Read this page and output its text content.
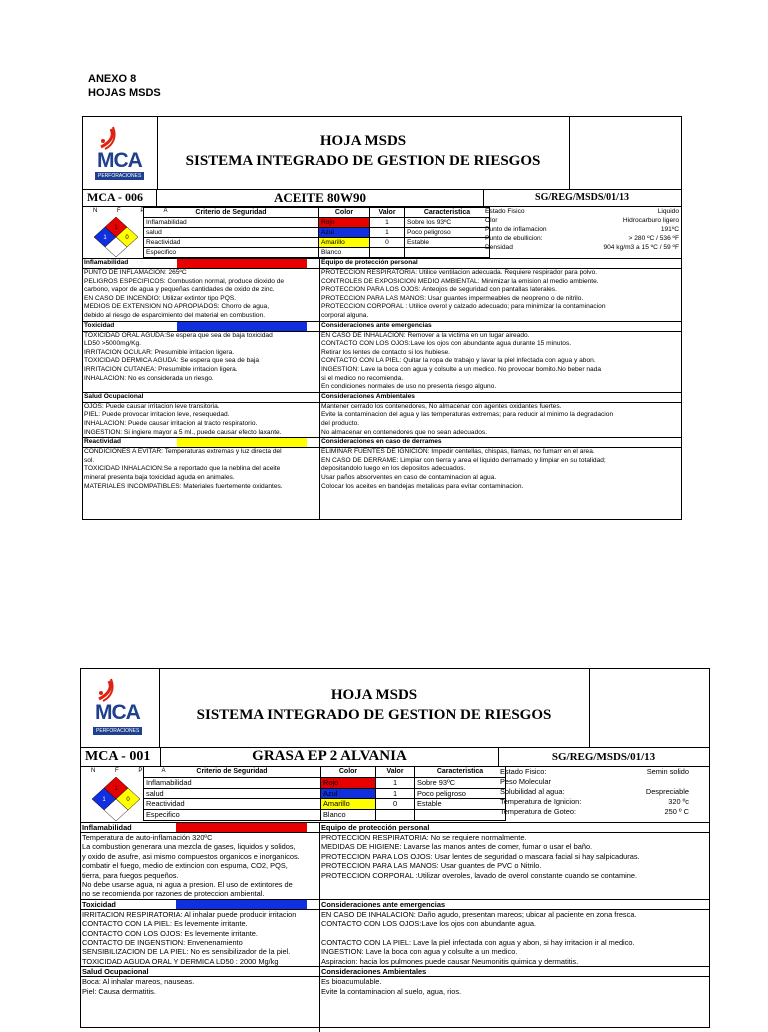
ANEXO 8
HOJAS MSDS
MCA
PERFORACIONES
HOJA MSDS
SISTEMA INTEGRADO DE GESTION DE RIESGOS
MCA - 006	ACEITE 80W90	SG/REG/MSDS/01/13
N F P A
1
1	0
Criterio de Seguridad	Color	Valor	Caracteristica
Inflamabilidad	Rojo	1	Sobre los 93ºC
salud	Azul	1	Poco peligroso
Reactividad	Amarillo	0	Estable
Especifico	Blanco		
Estado Fisico	Liquido
Olor	Hidrocarburo ligero
Punto de inflamacion	191ºC
Punto de ebullicion:	> 280 ºC / 536 ºF
Densidad	904 kg/m3 a 15 ºC / 59 ºF
Inflamabilidad
PUNTO DE INFLAMACION: 265ºC
PELIGROS ESPECIFICOS: Combustion normal, produce dioxido de
carbono, vapor de agua y pequeñas cantidades de oxido de zinc.
EN CASO DE INCENDIO: Utilizar extintor tipo PQS.
MEDIOS DE EXTENSION NO APROPIADOS: Chorro de agua,
debido al riesgo de esparcimiento del material en combustion.
Toxicidad
TOXICIDAD ORAL AGUDA:Se espera que sea de baja toxicidad
LD50 >5000mg/Kg.
IRRITACION OCULAR: Presumible irritacion ligera.
TOXICIDAD DERMICA AGUDA: Se espera que sea de baja
IRRITACION CUTANEA: Presumible irritacion ligera.
INHALACION: No es considerada un riesgo.
Salud Ocupacional
OJOS: Puede causar irritacion leve transitoria.
PIEL: Puede provocar irritacion leve, resequedad.
INHALACION: Puede causar irritacion al tracto respiratorio.
INGESTION: Si ingiere mayor a 5 ml., puede causar efecto laxante.
Reactividad
CONDICIONES A EVITAR: Temperaturas extremas y luz directa del
sol.
TOXICIDAD INHALACION:Se a reportado que la neblina del aceite
mineral presenta baja toxicidad aguda en animales.
MATERIALES INCOMPATIBLES: Materiales fuertemente oxidantes.
Equipo de protección personal
PROTECCION RESPIRATORIA: Utilice ventilacion adecuada. Requiere respirador para polvo.
CONTROLES DE EXPOSICION MEDIO AMBIENTAL: Minimizar la emision al medio ambiente.
PROTECCION PARA LOS OJOS: Anteojos de seguridad con pantallas laterales.
PROTECCION PARA LAS MANOS: Usar guantes impermeables de neopreno o de nitrilo.
PROTECCION CORPORAL : Utilice overol y calzado adecuado; para minimizar la contaminacion
corporal alguna.
Consideraciones ante emergencias
EN CASO DE INHALACION: Remover a la victima en un lugar aireado.
CONTACTO CON LOS OJOS:Lave los ojos con abundante agua durante 15 minutos.
Retirar los lentes de contacto si los hubiese.
CONTACTO CON LA PIEL: Quitar la ropa de trabajo y lavar la piel infectada con agua y abon.
INGESTION: Lave la boca con agua y colsulte a un medico. No provocar bomito.No beber nada
si el medico no recomienda.
En condiciones normales de uso no presenta riesgo alguno.
Consideraciones Ambientales
Mantener cerrado los contenedores, No almacenar con agentes oxidantes fuertes.
Evite la contaminacion del agua y las temperaturas extremas; para reducir al minimo la degradacion
del producto.
No almacenar en contenedores que no sean adecuados.
Consideraciones en caso de derrames
ELIMINAR FUENTES DE IGNICION: Impedir centellas, chispas, llamas, no fumarr en el area.
EN CASO DE DERRAME: Limpiar con tierra y area el liquido derramado y limpiar en su totalidad;
depositandolo luego en los depositos adecuados.
Usar paños absorventes en caso de contaminacion al agua.
Colocar los aceites en bandejas metalicas para evitar contaminacion.
MCA
PERFORACIONES
HOJA MSDS
SISTEMA INTEGRADO DE GESTION DE RIESGOS
MCA - 001	GRASA EP 2 ALVANIA	SG/REG/MSDS/01/13
N F P A
1
1	0
Criterio de Seguridad	Color	Valor	Caracteristica
Inflamabilidad	Rojo	1	Sobre 93ºC
salud	Azul	1	Poco peligroso
Reactividad	Amarillo	0	Estable
Especifico	Blanco		
Estado Fisico:	Semin solido
Peso Molecular	
Solubilidad al agua:	Despreciable
Temperatura de Ignicion:	320 ºc
Temperatura de Goteo:	250 º C
Inflamabilidad
Temperatura de auto-inflamación 320ºC
La combustion generara una mezcla de gases, liquidos y solidos,
y oxido de asufre, asi mismo compuestos organicos e inorganicos.
combatir el fuego, medio de extincion con espuma, CO2, PQS,
tierra, para fuegos pequeños.
No debe usarse agua, ni agua a presion. El uso de extintores de
no se recomienda por razones de proteccion ambiental.
Toxicidad
IRRITACION RESPIRATORIA: Al inhalar puede producir irritacion
CONTACTO CON LA PIEL: Es levemente irritante.
CONTACTO CON LOS OJOS: Es levemente irritante.
CONTACTO DE INGENSTION: Envenenamiento
SENSIBILIZACION DE LA PIEL: No es sensibilizador de la piel.
TOXICIDAD AGUDA ORAL Y DERMICA LD50 : 2000 Mg/kg
Salud Ocupacional
Boca: Al inhalar mareos, nauseas.
Piel: Causa dermatitis.
Equipo de protección personal
PROTECCION RESPIRATORIA: No se requiere normalmente.
MEDIDAS DE HIGIENE: Lavarse las manos antes de comer, fumar o usar el baño.
PROTECCION PARA LOS OJOS: Usar lentes de seguridad o mascara facial si hay salpicaduras.
PROTECCION PARA LAS MANOS: Usar guantes de PVC o Nitrilo.
PROTECCION CORPORAL :Utilizar overoles, lavado de overol constante cuando se contamine.
Consideraciones ante emergencias
EN CASO DE INHALACION: Daño agudo, presentan mareos; ubicar al paciente en zona fresca.
CONTACTO CON LOS OJOS:Lave los ojos con abundante agua.
CONTACTO CON LA PIEL: Lave la piel infectada con agua y abon, si hay irritacion ir al medico.
INGESTION: Lave la boca con agua y colsulte a un medico.
Aspiracion: hacia los pulmones puede causar Neumonitis quimica y dermatitis.
Consideraciones Ambientales
Es bioacumulable.
Evite la contaminacion al suelo, agua, rios.
